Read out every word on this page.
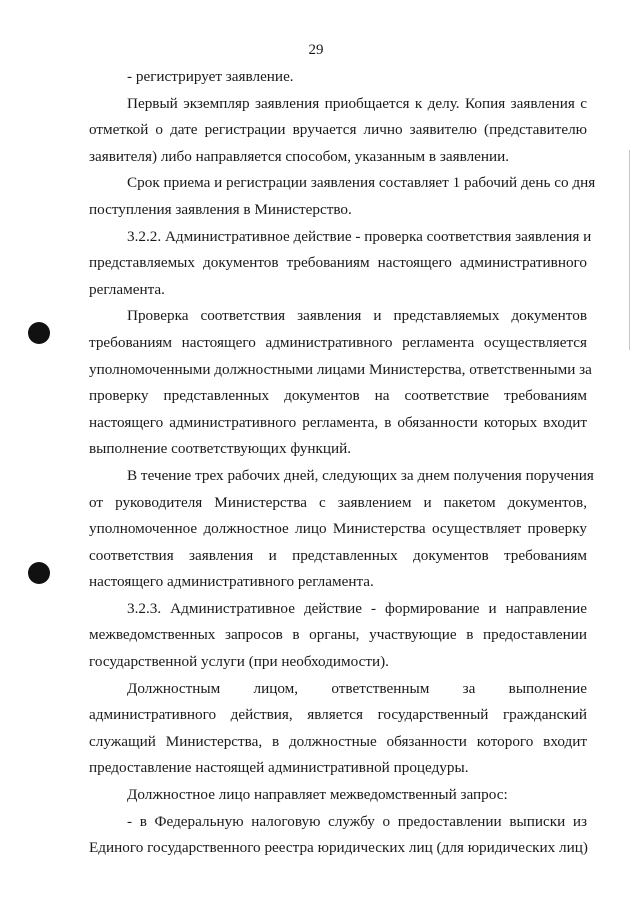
29
- регистрирует заявление.
Первый экземпляр заявления приобщается к делу. Копия заявления с
отметкой о дате регистрации вручается лично заявителю (представителю
заявителя) либо направляется способом, указанным в заявлении.
Срок приема и регистрации заявления составляет 1 рабочий день со дня
поступления заявления в Министерство.
3.2.2. Административное действие - проверка соответствия заявления и
представляемых документов требованиям настоящего административного
регламента.
Проверка соответствия заявления и представляемых документов
требованиям настоящего административного регламента осуществляется
уполномоченными должностными лицами Министерства, ответственными за
проверку представленных документов на соответствие требованиям
настоящего административного регламента, в обязанности которых входит
выполнение соответствующих функций.
В течение трех рабочих дней, следующих за днем получения поручения
от руководителя Министерства с заявлением и пакетом документов,
уполномоченное должностное лицо Министерства осуществляет проверку
соответствия заявления и представленных документов требованиям
настоящего административного регламента.
3.2.3. Административное действие - формирование и направление
межведомственных запросов в органы, участвующие в предоставлении
государственной услуги (при необходимости).
Должностным лицом, ответственным за выполнение
административного действия, является государственный гражданский
служащий Министерства, в должностные обязанности которого входит
предоставление настоящей административной процедуры.
Должностное лицо направляет межведомственный запрос:
- в Федеральную налоговую службу о предоставлении выписки из
Единого государственного реестра юридических лиц (для юридических лиц)
